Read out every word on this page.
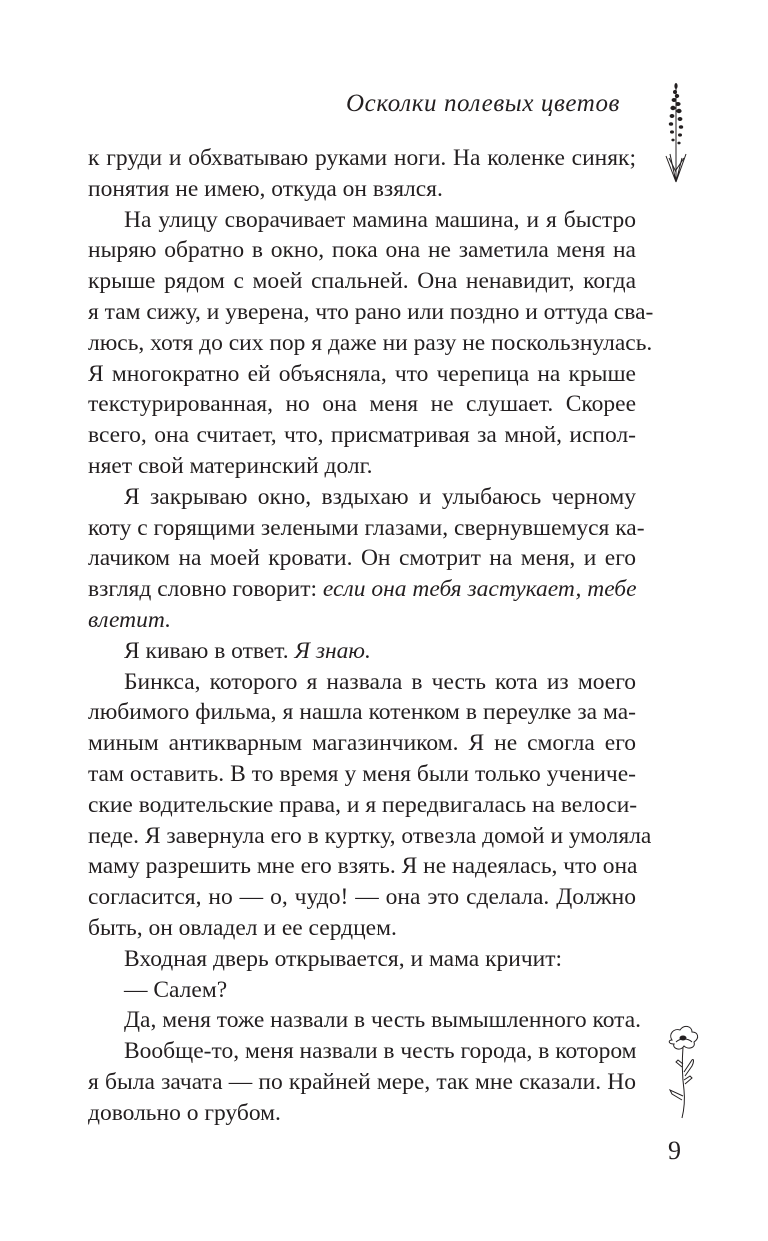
Осколки полевых цветов
к груди и обхватываю руками ноги. На коленке синяк;
понятия не имею, откуда он взялся.
На улицу сворачивает мамина машина, и я быстро
ныряю обратно в окно, пока она не заметила меня на
крыше рядом с моей спальней. Она ненавидит, когда
я там сижу, и уверена, что рано или поздно и оттуда сва-
люсь, хотя до сих пор я даже ни разу не поскользнулась.
Я многократно ей объясняла, что черепица на крыше
текстурированная, но она меня не слушает. Скорее
всего, она считает, что, присматривая за мной, испол-
няет свой материнский долг.
Я закрываю окно, вздыхаю и улыбаюсь черному
коту с горящими зелеными глазами, свернувшемуся ка-
лачиком на моей кровати. Он смотрит на меня, и его
взгляд словно говорит: если она тебя застукает, тебе
влетит.
Я киваю в ответ. Я знаю.
Бинкса, которого я назвала в честь кота из моего
любимого фильма, я нашла котенком в переулке за ма-
миным антикварным магазинчиком. Я не смогла его
там оставить. В то время у меня были только учениче-
ские водительские права, и я передвигалась на велоси-
педе. Я завернула его в куртку, отвезла домой и умоляла
маму разрешить мне его взять. Я не надеялась, что она
согласится, но — о, чудо! — она это сделала. Должно
быть, он овладел и ее сердцем.
Входная дверь открывается, и мама кричит:
— Салем?
Да, меня тоже назвали в честь вымышленного кота.
Вообще-то, меня назвали в честь города, в котором
я была зачата — по крайней мере, так мне сказали. Но
довольно о грубом.
9
